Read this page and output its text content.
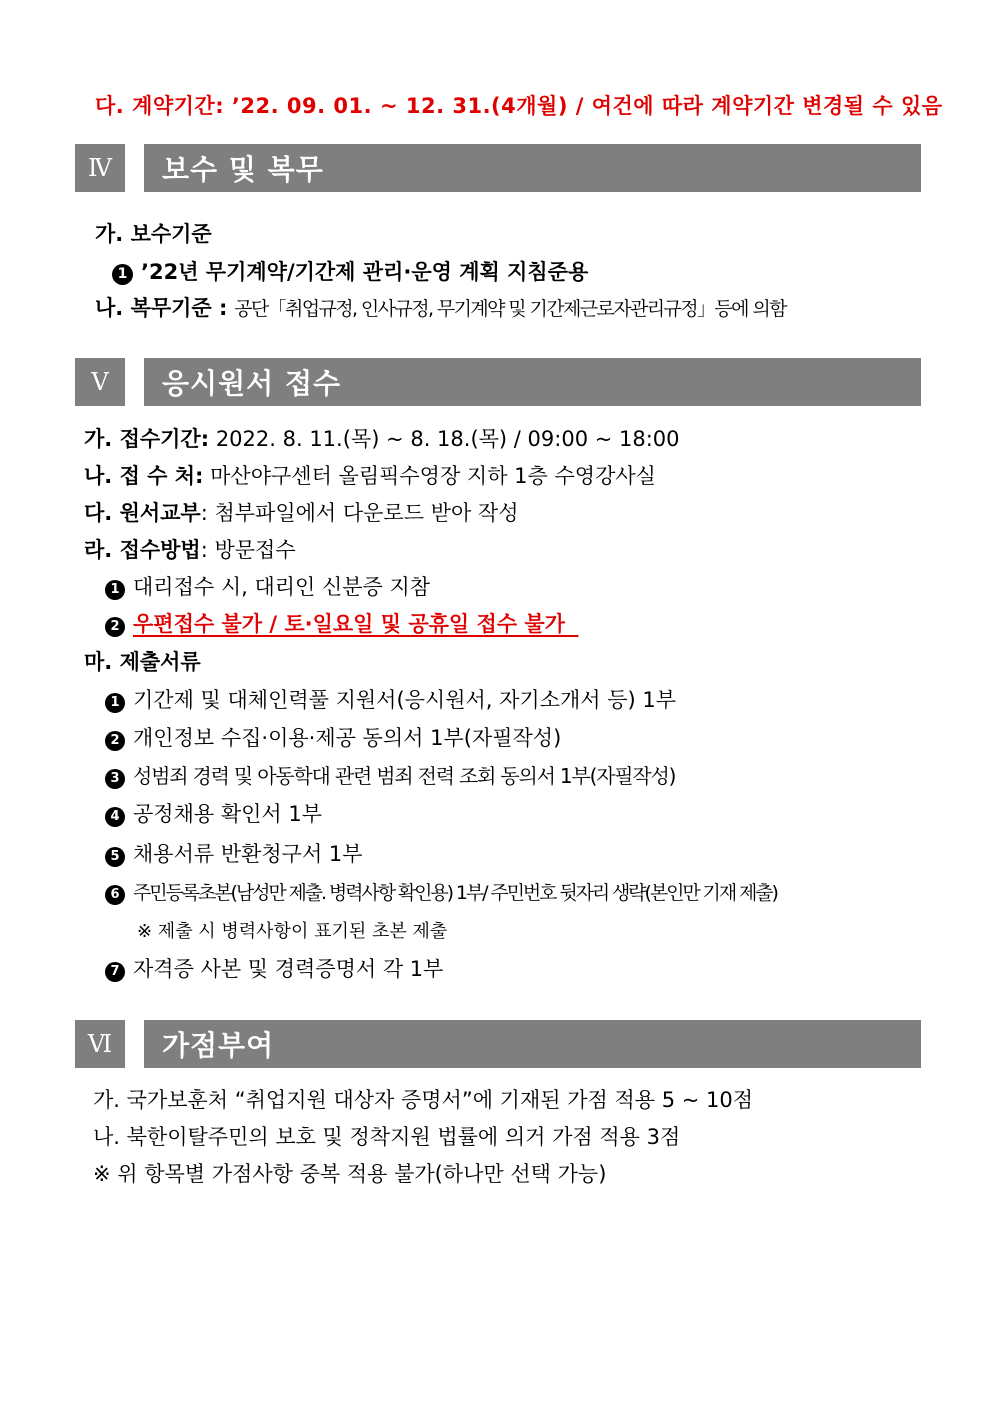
다. 계약기간: ’22. 09. 01. ~ 12. 31.(4개월) / 여건에 따라 계약기간 변경될 수 있음
Ⅳ	보수 및 복무
가. 보수기준
1 ’22년 무기계약/기간제 관리·운영 계획 지침준용
나. 복무기준 : 공단「취업규정, 인사규정, 무기계약 및 기간제근로자관리규정」등에 의함
Ⅴ	응시원서 접수
가. 접수기간: 2022. 8. 11.(목) ~ 8. 18.(목) / 09:00 ~ 18:00
나. 접 수 처: 마산야구센터 올림픽수영장 지하 1층 수영강사실
다. 원서교부: 첨부파일에서 다운로드 받아 작성
라. 접수방법: 방문접수
1 대리접수 시, 대리인 신분증 지참
2 우편접수 불가 / 토·일요일 및 공휴일 접수 불가
마. 제출서류
1 기간제 및 대체인력풀 지원서(응시원서, 자기소개서 등) 1부
2 개인정보 수집·이용·제공 동의서 1부(자필작성)
3 성범죄 경력 및 아동학대 관련 범죄 전력 조회 동의서 1부(자필작성)
4 공정채용 확인서 1부
5 채용서류 반환청구서 1부
6 주민등록초본(남성만 제출. 병력사항 확인용) 1부/ 주민번호 뒷자리 생략(본인만 기재 제출)
※ 제출 시 병력사항이 표기된 초본 제출
7 자격증 사본 및 경력증명서 각 1부
Ⅵ	가점부여
가. 국가보훈처 “취업지원 대상자 증명서”에 기재된 가점 적용 5 ~ 10점
나. 북한이탈주민의 보호 및 정착지원 법률에 의거 가점 적용 3점
※ 위 항목별 가점사항 중복 적용 불가(하나만 선택 가능)
